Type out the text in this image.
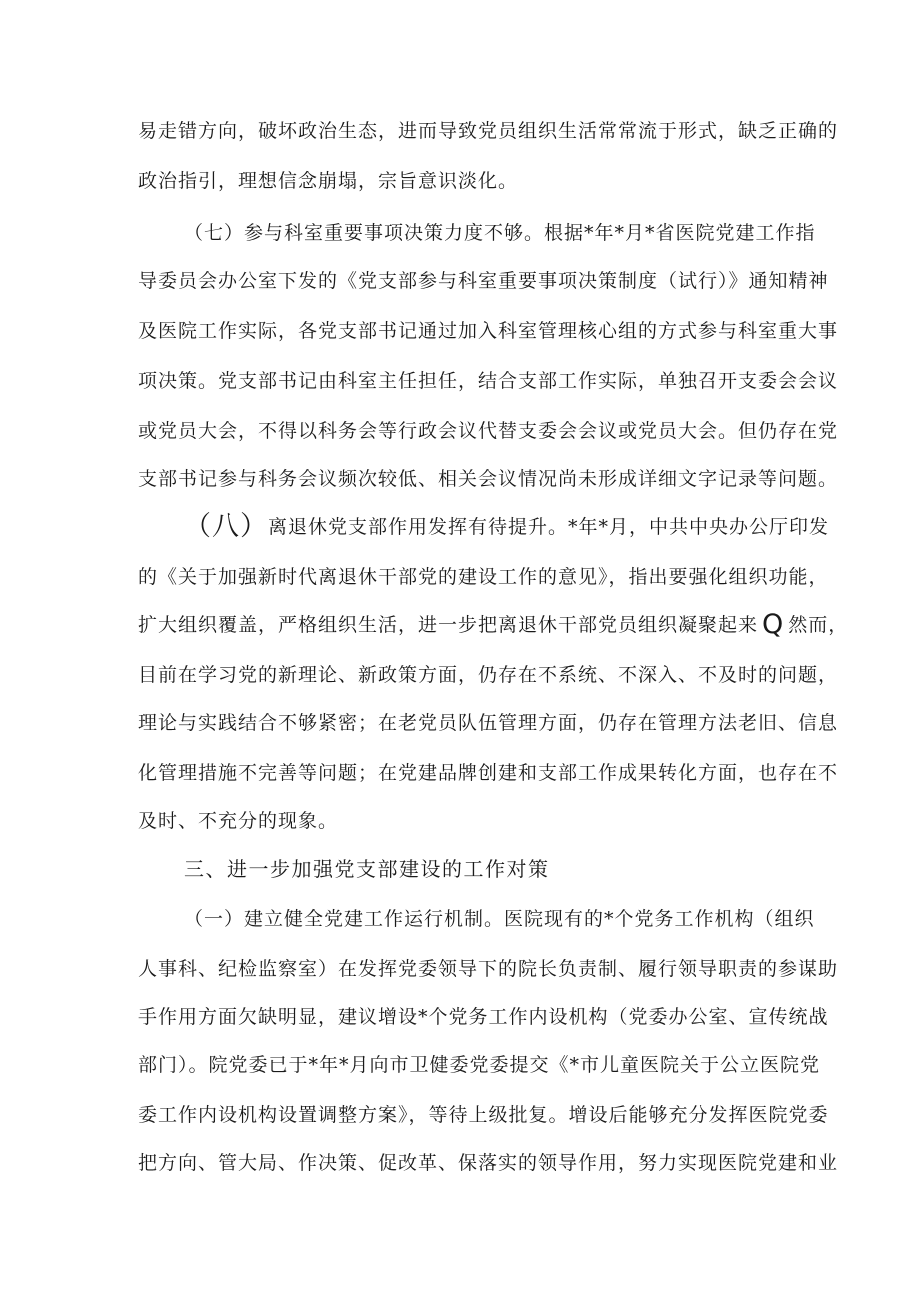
易走错方向，破坏政治生态，进而导致党员组织生活常常流于形式，缺乏正确的
政治指引，理想信念崩塌，宗旨意识淡化。
（七）参与科室重要事项决策力度不够。根据*年*月*省医院党建工作指
导委员会办公室下发的《党支部参与科室重要事项决策制度（试行）》通知精神
及医院工作实际，各党支部书记通过加入科室管理核心组的方式参与科室重大事
项决策。党支部书记由科室主任担任，结合支部工作实际，单独召开支委会会议
或党员大会，不得以科务会等行政会议代替支委会会议或党员大会。但仍存在党
支部书记参与科务会议频次较低、相关会议情况尚未形成详细文字记录等问题。
（八）离退休党支部作用发挥有待提升。*年*月，中共中央办公厅印发
的《关于加强新时代离退休干部党的建设工作的意见》，指出要强化组织功能，
扩大组织覆盖，严格组织生活，进一步把离退休干部党员组织凝聚起来 Q 然而，
目前在学习党的新理论、新政策方面，仍存在不系统、不深入、不及时的问题，
理论与实践结合不够紧密；在老党员队伍管理方面，仍存在管理方法老旧、信息
化管理措施不完善等问题；在党建品牌创建和支部工作成果转化方面，也存在不
及时、不充分的现象。
三、进一步加强党支部建设的工作对策
（一）建立健全党建工作运行机制。医院现有的*个党务工作机构（组织
人事科、纪检监察室）在发挥党委领导下的院长负责制、履行领导职责的参谋助
手作用方面欠缺明显，建议增设*个党务工作内设机构（党委办公室、宣传统战
部门）。院党委已于*年*月向市卫健委党委提交《*市儿童医院关于公立医院党
委工作内设机构设置调整方案》，等待上级批复。增设后能够充分发挥医院党委
把方向、管大局、作决策、促改革、保落实的领导作用，努力实现医院党建和业
